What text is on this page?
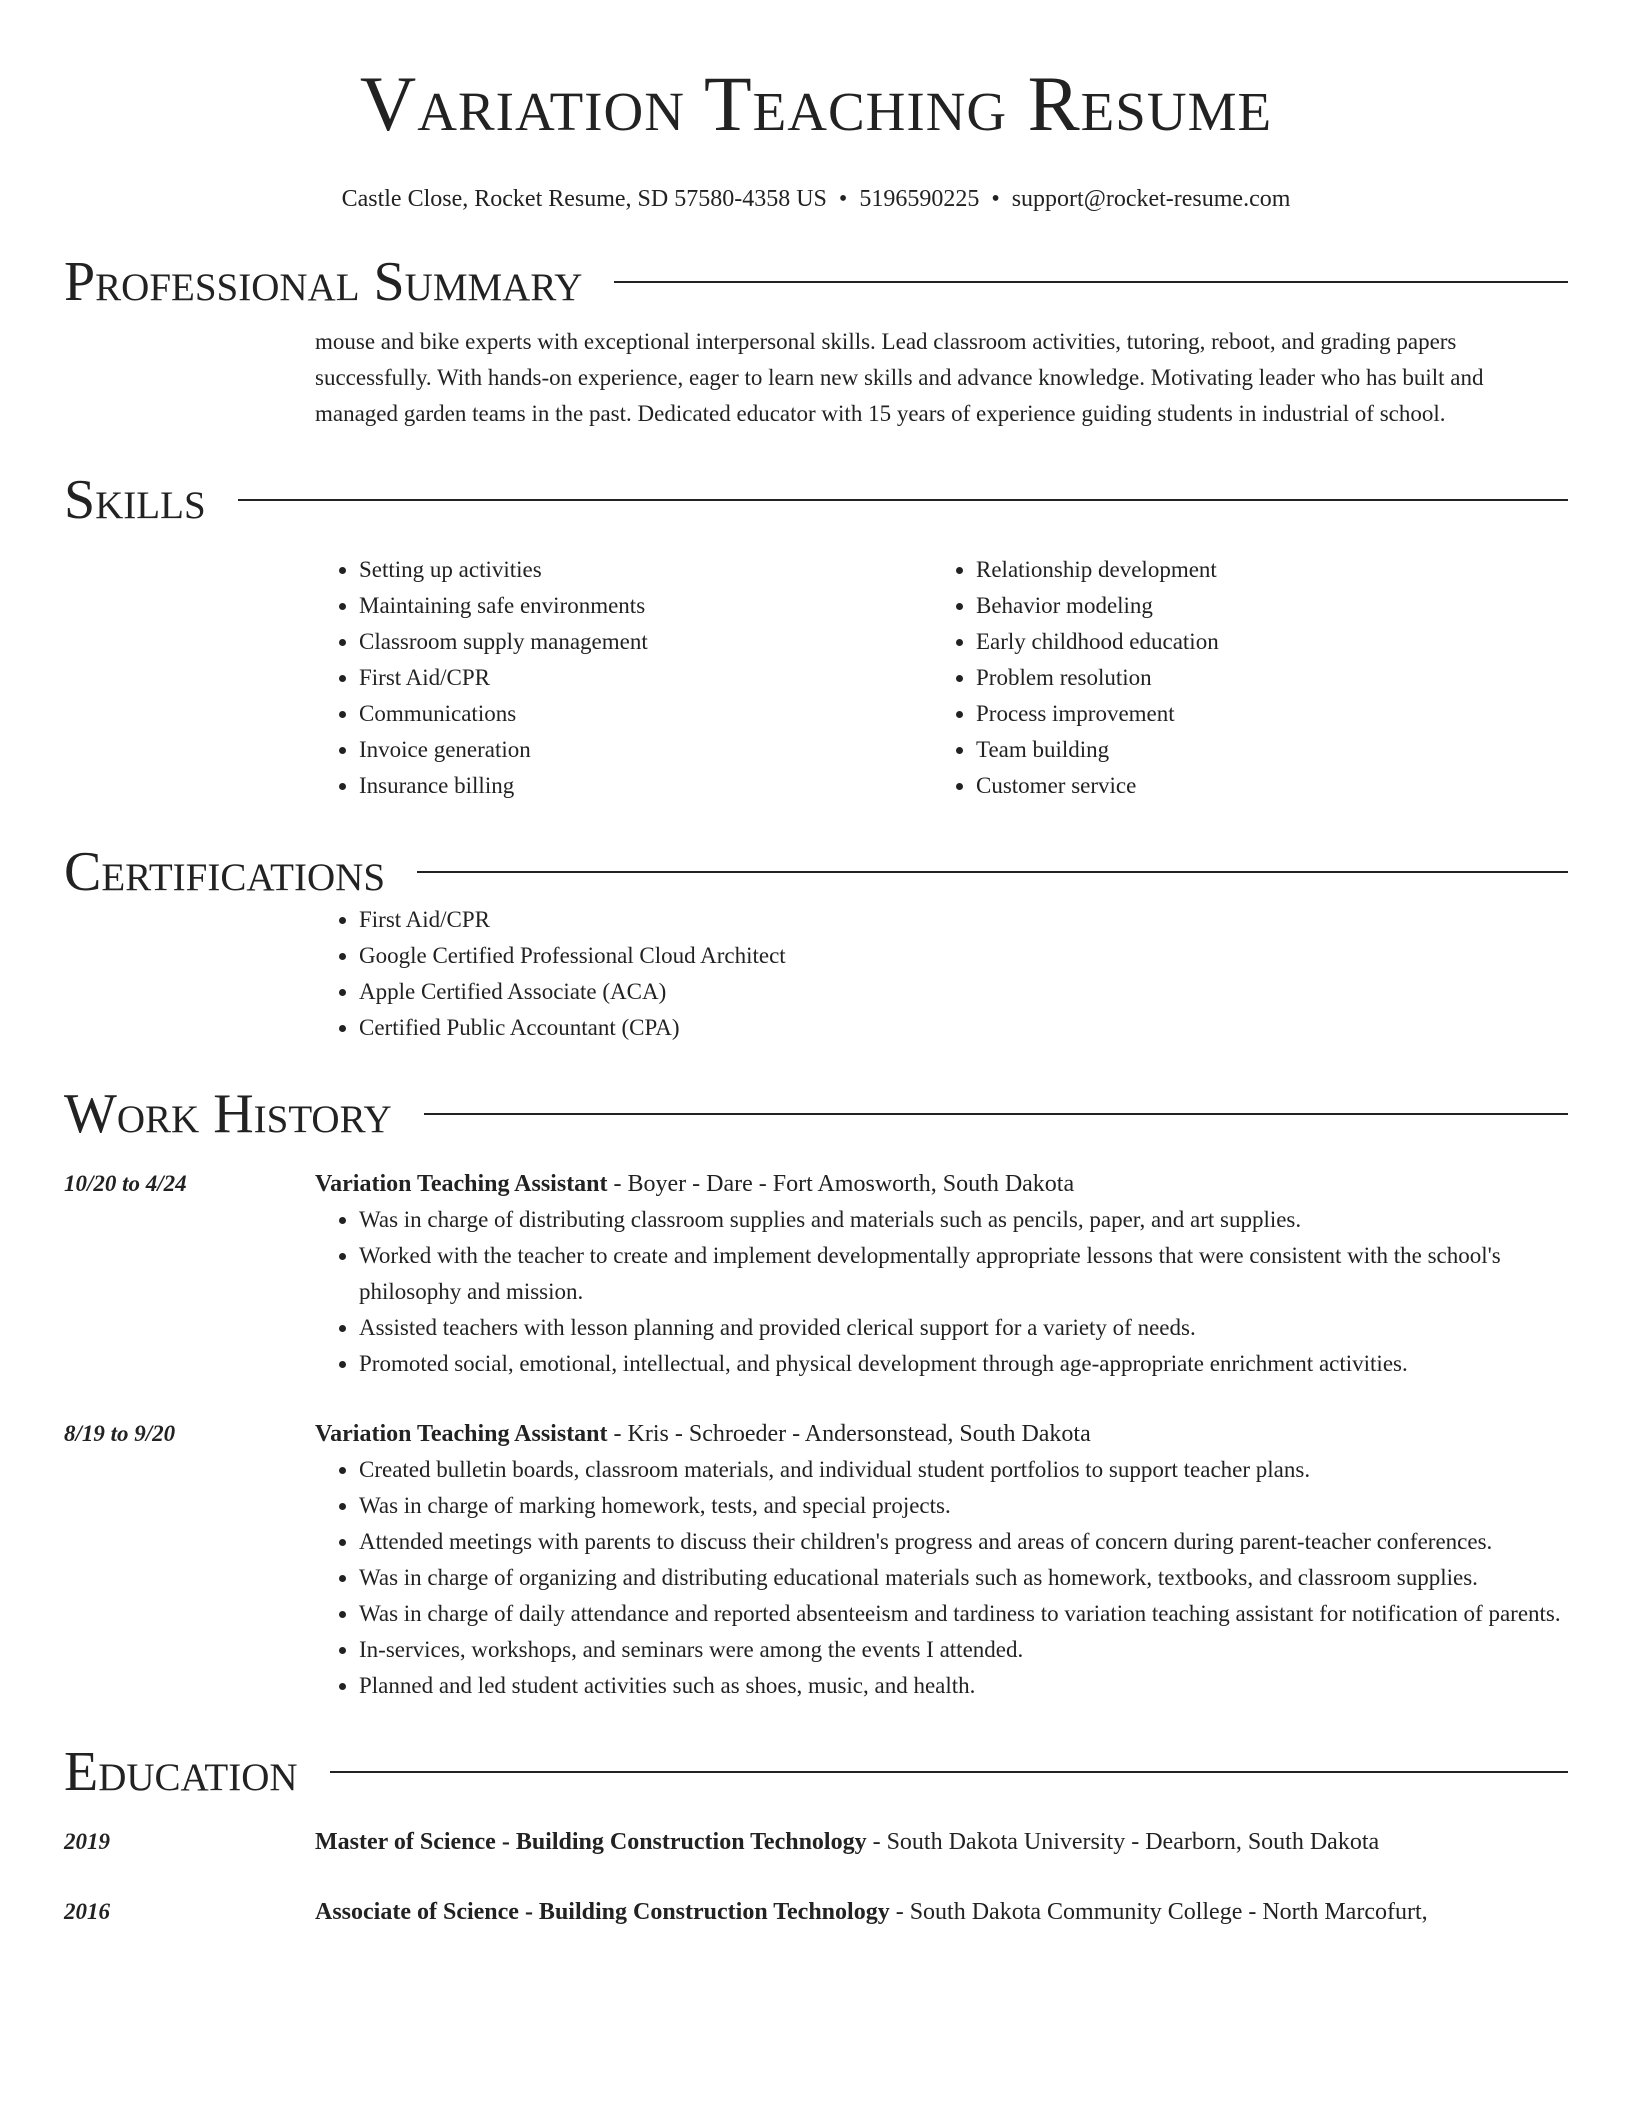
Variation Teaching Resume
Castle Close, Rocket Resume, SD 57580-4358 US • 5196590225 • support@rocket-resume.com
Professional Summary

mouse and bike experts with exceptional interpersonal skills. Lead classroom activities, tutoring, reboot, and grading papers successfully. With hands-on experience, eager to learn new skills and advance knowledge. Motivating leader who has built and managed garden teams in the past. Dedicated educator with 15 years of experience guiding students in industrial of school.

Skills
• Setting up activities
• Maintaining safe environments
• Classroom supply management
• First Aid/CPR
• Communications
• Invoice generation
• Insurance billing
• Relationship development
• Behavior modeling
• Early childhood education
• Problem resolution
• Process improvement
• Team building
• Customer service
Certifications
• First Aid/CPR
• Google Certified Professional Cloud Architect
• Apple Certified Associate (ACA)
• Certified Public Accountant (CPA)
Work History
10/20 to 4/24	Variation Teaching Assistant - Boyer - Dare - Fort Amosworth, South Dakota
• Was in charge of distributing classroom supplies and materials such as pencils, paper, and art supplies.
• Worked with the teacher to create and implement developmentally appropriate lessons that were consistent with the school's philosophy and mission.
• Assisted teachers with lesson planning and provided clerical support for a variety of needs.
• Promoted social, emotional, intellectual, and physical development through age-appropriate enrichment activities.
8/19 to 9/20	Variation Teaching Assistant - Kris - Schroeder - Andersonstead, South Dakota
• Created bulletin boards, classroom materials, and individual student portfolios to support teacher plans.
• Was in charge of marking homework, tests, and special projects.
• Attended meetings with parents to discuss their children's progress and areas of concern during parent-teacher conferences.
• Was in charge of organizing and distributing educational materials such as homework, textbooks, and classroom supplies.
• Was in charge of daily attendance and reported absenteeism and tardiness to variation teaching assistant for notification of parents.
• In-services, workshops, and seminars were among the events I attended.
• Planned and led student activities such as shoes, music, and health.
Education
2019	Master of Science - Building Construction Technology - South Dakota University - Dearborn, South Dakota
2016	Associate of Science - Building Construction Technology - South Dakota Community College - North Marcofurt,
